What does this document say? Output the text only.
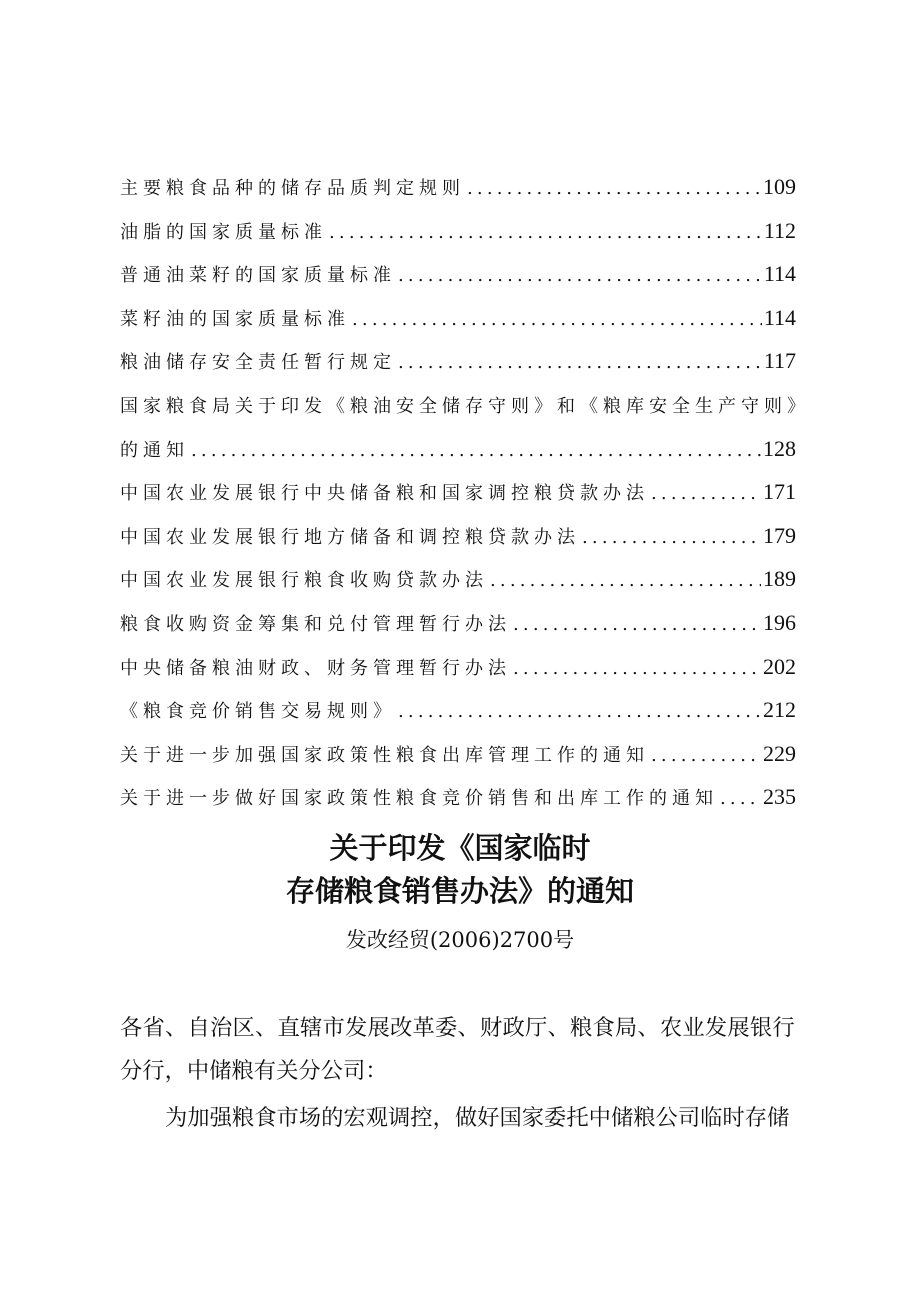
主要粮食品种的储存品质判定规则 .....	109
油脂的国家质量标准 .....	112
普通油菜籽的国家质量标准 .....	114
菜籽油的国家质量标准 .....	114
粮油储存安全责任暂行规定 .....	117
国家粮食局关于印发《粮油安全储存守则》和《粮库安全生产守则》
的通知 .....	128
中国农业发展银行中央储备粮和国家调控粮贷款办法 .....	171
中国农业发展银行地方储备和调控粮贷款办法 .....	179
中国农业发展银行粮食收购贷款办法 .....	189
粮食收购资金筹集和兑付管理暂行办法 .....	196
中央储备粮油财政、财务管理暂行办法 .....	202
《粮食竞价销售交易规则》 .....	212
关于进一步加强国家政策性粮食出库管理工作的通知 .....	229
关于进一步做好国家政策性粮食竞价销售和出库工作的通知 ..... 235
关于印发《国家临时
存储粮食销售办法》的通知
发改经贸(2006)2700号
各省、自治区、直辖市发展改革委、财政厅、粮食局、农业发展银行
分行，中储粮有关分公司：
为加强粮食市场的宏观调控，做好国家委托中储粮公司临时存储
